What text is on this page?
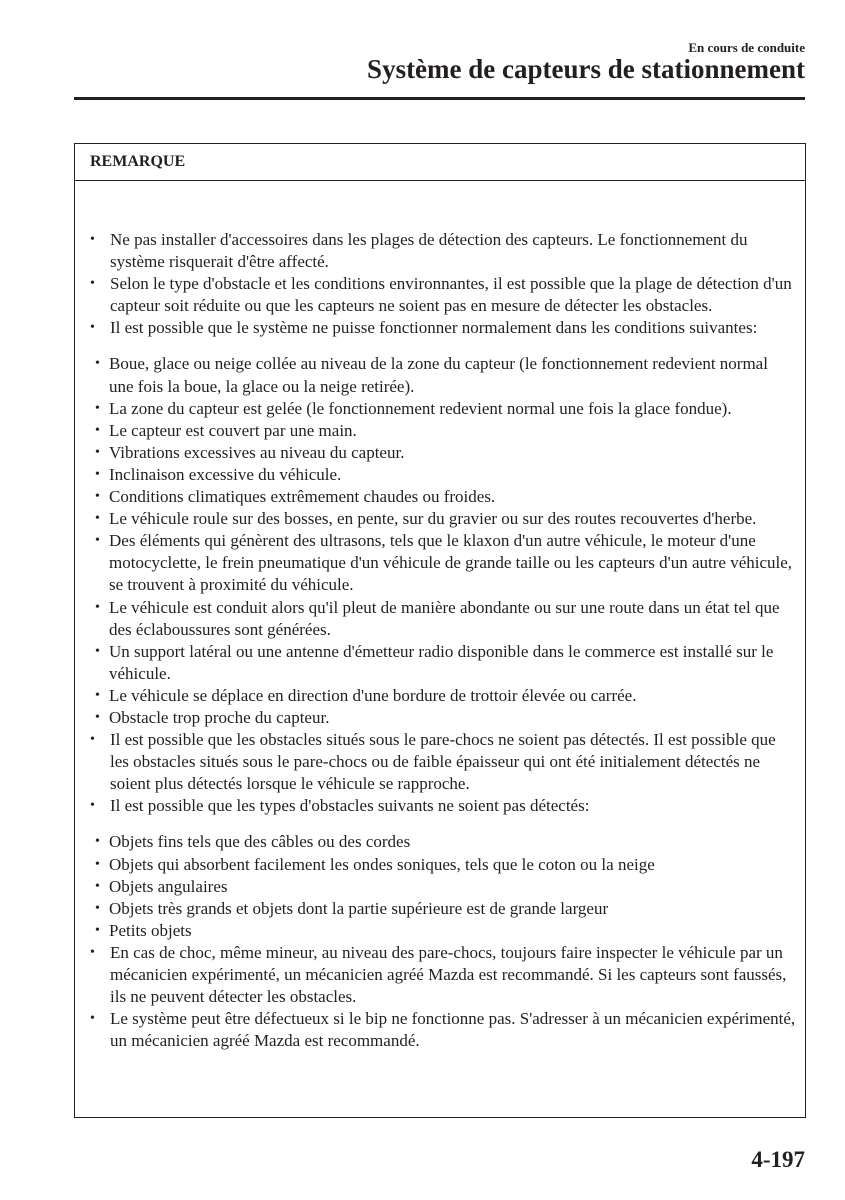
En cours de conduite
Système de capteurs de stationnement
REMARQUE
• Ne pas installer d'accessoires dans les plages de détection des capteurs. Le fonctionnement du système risquerait d'être affecté.
• Selon le type d'obstacle et les conditions environnantes, il est possible que la plage de détection d'un capteur soit réduite ou que les capteurs ne soient pas en mesure de détecter les obstacles.
• Il est possible que le système ne puisse fonctionner normalement dans les conditions suivantes:
• Boue, glace ou neige collée au niveau de la zone du capteur (le fonctionnement redevient normal une fois la boue, la glace ou la neige retirée).
• La zone du capteur est gelée (le fonctionnement redevient normal une fois la glace fondue).
• Le capteur est couvert par une main.
• Vibrations excessives au niveau du capteur.
• Inclinaison excessive du véhicule.
• Conditions climatiques extrêmement chaudes ou froides.
• Le véhicule roule sur des bosses, en pente, sur du gravier ou sur des routes recouvertes d'herbe.
• Des éléments qui génèrent des ultrasons, tels que le klaxon d'un autre véhicule, le moteur d'une motocyclette, le frein pneumatique d'un véhicule de grande taille ou les capteurs d'un autre véhicule, se trouvent à proximité du véhicule.
• Le véhicule est conduit alors qu'il pleut de manière abondante ou sur une route dans un état tel que des éclaboussures sont générées.
• Un support latéral ou une antenne d'émetteur radio disponible dans le commerce est installé sur le véhicule.
• Le véhicule se déplace en direction d'une bordure de trottoir élevée ou carrée.
• Obstacle trop proche du capteur.
• Il est possible que les obstacles situés sous le pare-chocs ne soient pas détectés. Il est possible que les obstacles situés sous le pare-chocs ou de faible épaisseur qui ont été initialement détectés ne soient plus détectés lorsque le véhicule se rapproche.
• Il est possible que les types d'obstacles suivants ne soient pas détectés:
• Objets fins tels que des câbles ou des cordes
• Objets qui absorbent facilement les ondes soniques, tels que le coton ou la neige
• Objets angulaires
• Objets très grands et objets dont la partie supérieure est de grande largeur
• Petits objets
• En cas de choc, même mineur, au niveau des pare-chocs, toujours faire inspecter le véhicule par un mécanicien expérimenté, un mécanicien agréé Mazda est recommandé. Si les capteurs sont faussés, ils ne peuvent détecter les obstacles.
• Le système peut être défectueux si le bip ne fonctionne pas. S'adresser à un mécanicien expérimenté, un mécanicien agréé Mazda est recommandé.
4-197
